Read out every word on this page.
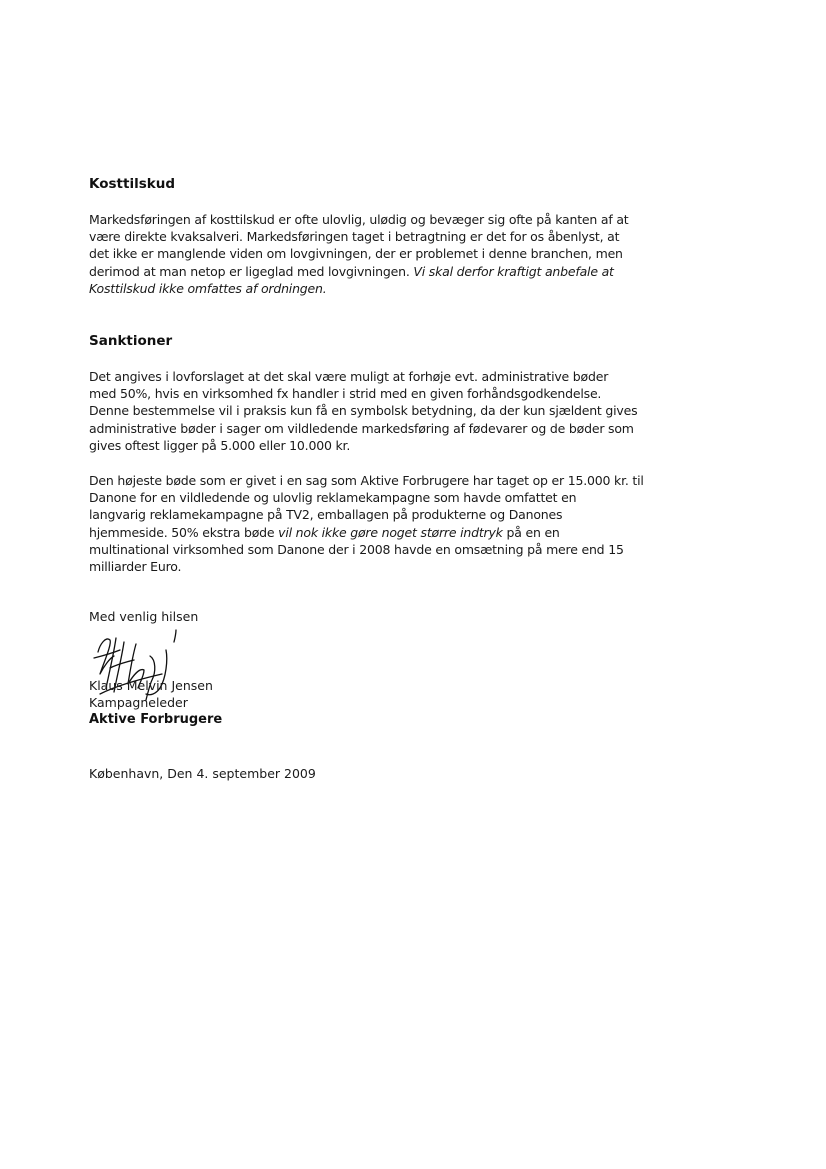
Kosttilskud

Markedsføringen af kosttilskud er ofte ulovlig, ulødig og bevæger sig ofte på kanten af at
være direkte kvaksalveri. Markedsføringen taget i betragtning er det for os åbenlyst, at
det ikke er manglende viden om lovgivningen, der er problemet i denne branchen, men
derimod at man netop er ligeglad med lovgivningen. Vi skal derfor kraftigt anbefale at
Kosttilskud ikke omfattes af ordningen.

Sanktioner

Det angives i lovforslaget at det skal være muligt at forhøje evt. administrative bøder
med 50%, hvis en virksomhed fx handler i strid med en given forhåndsgodkendelse.
Denne bestemmelse vil i praksis kun få en symbolsk betydning, da der kun sjældent gives
administrative bøder i sager om vildledende markedsføring af fødevarer og de bøder som
gives oftest ligger på 5.000 eller 10.000 kr.

Den højeste bøde som er givet i en sag som Aktive Forbrugere har taget op er 15.000 kr. til
Danone for en vildledende og ulovlig reklamekampagne som havde omfattet en
langvarig reklamekampagne på TV2, emballagen på produkterne og Danones
hjemmeside. 50% ekstra bøde vil nok ikke gøre noget større indtryk på en en
multinational virksomhed som Danone der i 2008 havde en omsætning på mere end 15
milliarder Euro.

Med venlig hilsen

Klaus Melvin Jensen

Kampagneleder

Aktive Forbrugere

København, Den 4. september 2009
